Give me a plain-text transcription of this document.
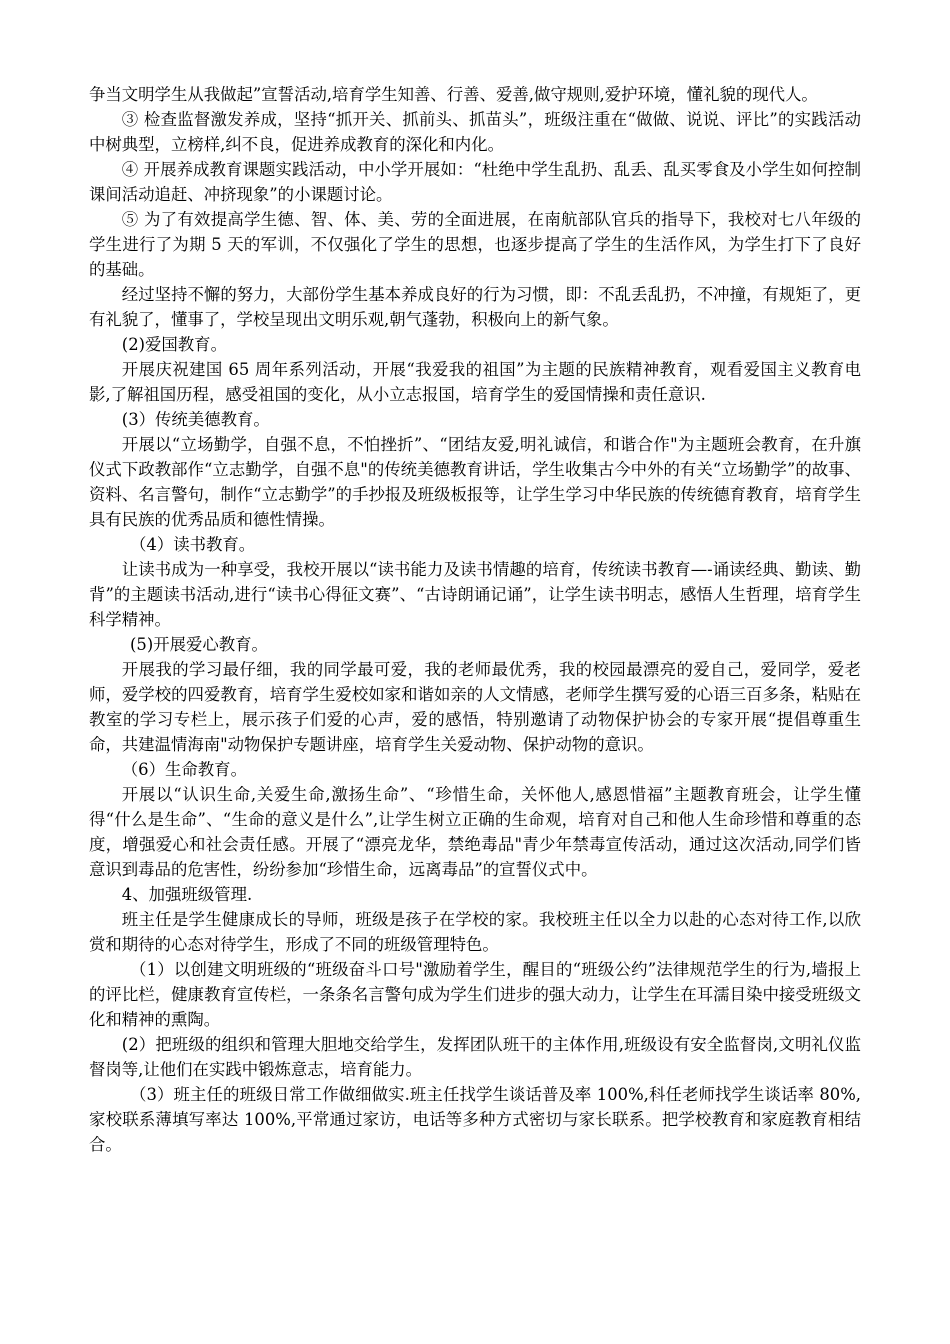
争当文明学生从我做起”宣誓活动,培育学生知善、行善、爱善,做守规则,爱护环境，懂礼貌的现代人。

③ 检查监督激发养成，坚持“抓开关、抓前头、抓苗头”，班级注重在“做做、说说、评比”的实践活动中树典型，立榜样,纠不良，促进养成教育的深化和内化。

④ 开展养成教育课题实践活动，中小学开展如：“杜绝中学生乱扔、乱丢、乱买零食及小学生如何控制课间活动追赶、冲挤现象”的小课题讨论。

⑤ 为了有效提高学生德、智、体、美、劳的全面进展，在南航部队官兵的指导下，我校对七八年级的学生进行了为期 5 天的军训，不仅强化了学生的思想，也逐步提高了学生的生活作风，为学生打下了良好的基础。

经过坚持不懈的努力，大部份学生基本养成良好的行为习惯，即：不乱丢乱扔，不冲撞，有规矩了，更有礼貌了，懂事了，学校呈现出文明乐观,朝气蓬勃，积极向上的新气象。

(2)爱国教育。

开展庆祝建国 65 周年系列活动，开展“我爱我的祖国”为主题的民族精神教育，观看爱国主义教育电影,了解祖国历程，感受祖国的变化，从小立志报国，培育学生的爱国情操和责任意识.

(3）传统美德教育。

开展以“立场勤学，自强不息，不怕挫折”、“团结友爱,明礼诚信，和谐合作"为主题班会教育，在升旗仪式下政教部作“立志勤学，自强不息"的传统美德教育讲话，学生收集古今中外的有关“立场勤学”的故事、资料、名言警句，制作“立志勤学”的手抄报及班级板报等，让学生学习中华民族的传统德育教育，培育学生具有民族的优秀品质和德性情操。

（4）读书教育。

让读书成为一种享受，我校开展以“读书能力及读书情趣的培育，传统读书教育—-诵读经典、勤读、勤背”的主题读书活动,进行“读书心得征文赛”、“古诗朗诵记诵”，让学生读书明志，感悟人生哲理，培育学生科学精神。

(5)开展爱心教育。

开展我的学习最仔细，我的同学最可爱，我的老师最优秀，我的校园最漂亮的爱自己，爱同学，爱老师，爱学校的四爱教育，培育学生爱校如家和谐如亲的人文情感，老师学生撰写爱的心语三百多条，粘贴在教室的学习专栏上，展示孩子们爱的心声，爱的感悟，特别邀请了动物保护协会的专家开展“提倡尊重生命，共建温情海南"动物保护专题讲座，培育学生关爱动物、保护动物的意识。

（6）生命教育。

开展以“认识生命,关爱生命,激扬生命”、“珍惜生命，关怀他人,感恩惜福”主题教育班会，让学生懂得“什么是生命”、“生命的意义是什么”,让学生树立正确的生命观，培育对自己和他人生命珍惜和尊重的态度，增强爱心和社会责任感。开展了“漂亮龙华，禁绝毒品"青少年禁毒宣传活动，通过这次活动,同学们皆意识到毒品的危害性，纷纷参加“珍惜生命，远离毒品”的宣誓仪式中。

4、加强班级管理.

班主任是学生健康成长的导师，班级是孩子在学校的家。我校班主任以全力以赴的心态对待工作,以欣赏和期待的心态对待学生，形成了不同的班级管理特色。

（1）以创建文明班级的“班级奋斗口号"激励着学生，醒目的“班级公约”法律规范学生的行为,墙报上的评比栏，健康教育宣传栏，一条条名言警句成为学生们进步的强大动力，让学生在耳濡目染中接受班级文化和精神的熏陶。

(2）把班级的组织和管理大胆地交给学生，发挥团队班干的主体作用,班级设有安全监督岗,文明礼仪监督岗等,让他们在实践中锻炼意志，培育能力。

（3）班主任的班级日常工作做细做实.班主任找学生谈话普及率 100%,科任老师找学生谈话率 80%,家校联系薄填写率达 100%,平常通过家访，电话等多种方式密切与家长联系。把学校教育和家庭教育相结合。
